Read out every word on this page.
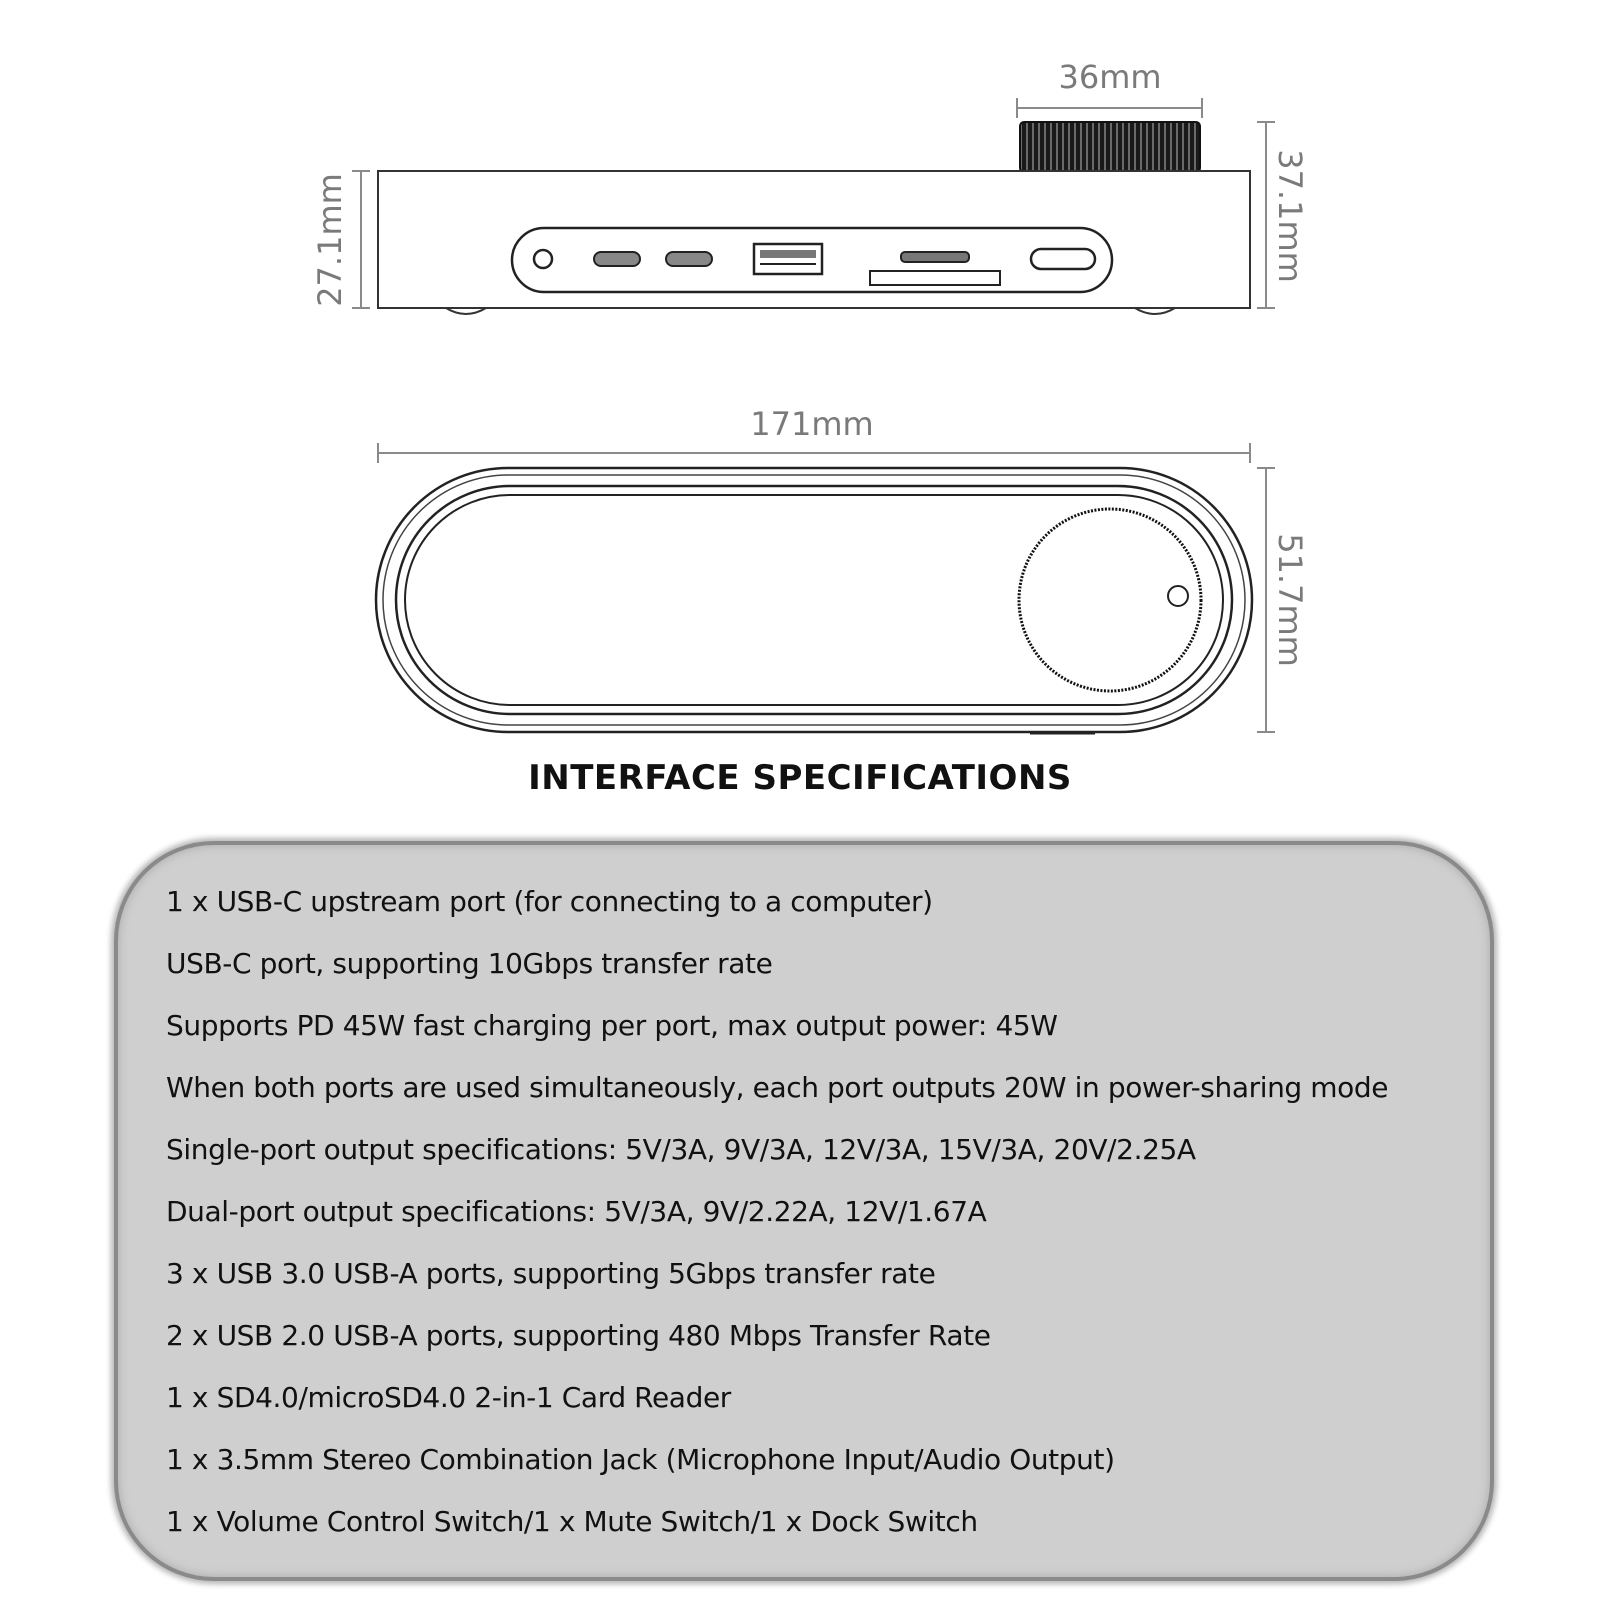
36mm
27.1mm	37.1mm
171mm
51.7mm
INTERFACE SPECIFICATIONS
1 x USB-C upstream port (for connecting to a computer)
USB-C port, supporting 10Gbps transfer rate
Supports PD 45W fast charging per port, max output power: 45W
When both ports are used simultaneously, each port outputs 20W in power-sharing mode
Single-port output specifications: 5V/3A, 9V/3A, 12V/3A, 15V/3A, 20V/2.25A
Dual-port output specifications: 5V/3A, 9V/2.22A, 12V/1.67A
3 x USB 3.0 USB-A ports, supporting 5Gbps transfer rate
2 x USB 2.0 USB-A ports, supporting 480 Mbps Transfer Rate
1 x SD4.0/microSD4.0 2-in-1 Card Reader
1 x 3.5mm Stereo Combination Jack (Microphone Input/Audio Output)
1 x Volume Control Switch/1 x Mute Switch/1 x Dock Switch
